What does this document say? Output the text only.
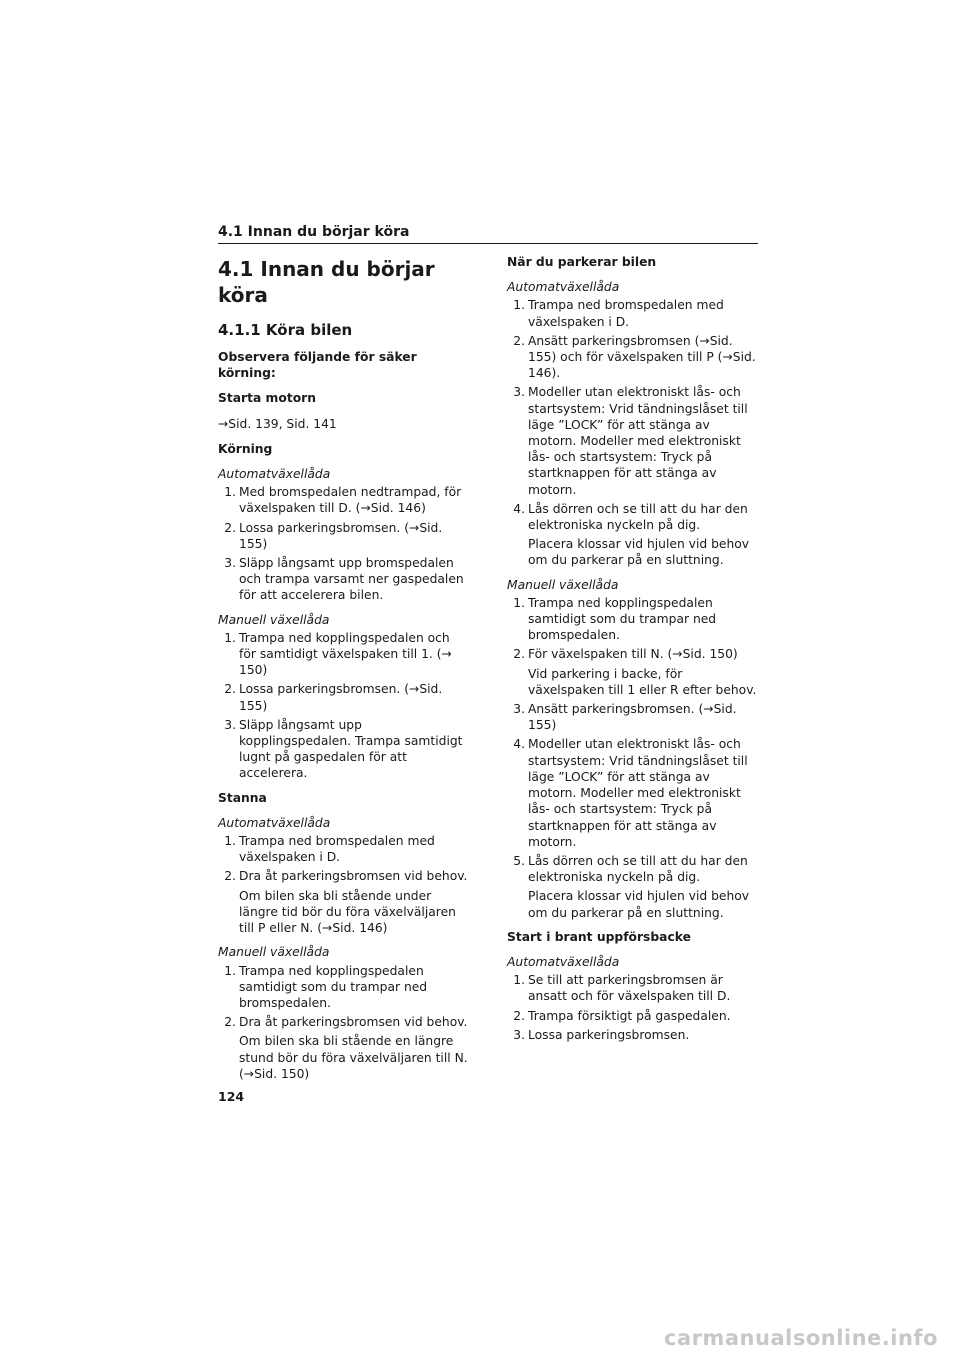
4.1 Innan du börjar köra
4.1 Innan du börjar köra
4.1.1 Köra bilen
Observera följande för säker körning:
Starta motorn

→Sid. 139, Sid. 141

Körning
Automatväxellåda
1. Med bromspedalen nedtrampad, för växelspaken till D. (→Sid. 146)
2. Lossa parkeringsbromsen. (→Sid. 155)
3. Släpp långsamt upp bromspedalen och trampa varsamt ner gaspedalen för att accelerera bilen.
Manuell växellåda
1. Trampa ned kopplingspedalen och för samtidigt växelspaken till 1. (→ 150)
2. Lossa parkeringsbromsen. (→Sid. 155)
3. Släpp långsamt upp kopplingspedalen. Trampa samtidigt lugnt på gaspedalen för att accelerera.
Stanna
Automatväxellåda
1. Trampa ned bromspedalen med växelspaken i D.
2. Dra åt parkeringsbromsen vid behov.
Om bilen ska bli stående under längre tid bör du föra växelväljaren till P eller N. (→Sid. 146)
Manuell växellåda
1. Trampa ned kopplingspedalen samtidigt som du trampar ned bromspedalen.
2. Dra åt parkeringsbromsen vid behov.
Om bilen ska bli stående en längre stund bör du föra växelväljaren till N. (→Sid. 150)
När du parkerar bilen
Automatväxellåda
1. Trampa ned bromspedalen med växelspaken i D.
2. Ansätt parkeringsbromsen (→Sid. 155) och för växelspaken till P (→Sid. 146).
3. Modeller utan elektroniskt lås- och startsystem: Vrid tändningslåset till läge ”LOCK” för att stänga av motorn. Modeller med elektroniskt lås- och startsystem: Tryck på startknappen för att stänga av motorn.
4. Lås dörren och se till att du har den elektroniska nyckeln på dig.
Placera klossar vid hjulen vid behov om du parkerar på en sluttning.
Manuell växellåda
1. Trampa ned kopplingspedalen samtidigt som du trampar ned bromspedalen.
2. För växelspaken till N. (→Sid. 150)
Vid parkering i backe, för växelspaken till 1 eller R efter behov.
3. Ansätt parkeringsbromsen. (→Sid. 155)
4. Modeller utan elektroniskt lås- och startsystem: Vrid tändningslåset till läge ”LOCK” för att stänga av motorn. Modeller med elektroniskt lås- och startsystem: Tryck på startknappen för att stänga av motorn.
5. Lås dörren och se till att du har den elektroniska nyckeln på dig.
Placera klossar vid hjulen vid behov om du parkerar på en sluttning.
Start i brant uppförsbacke
Automatväxellåda
1. Se till att parkeringsbromsen är ansatt och för växelspaken till D.
2. Trampa försiktigt på gaspedalen.
3. Lossa parkeringsbromsen.
124
carmanualsonline.info
